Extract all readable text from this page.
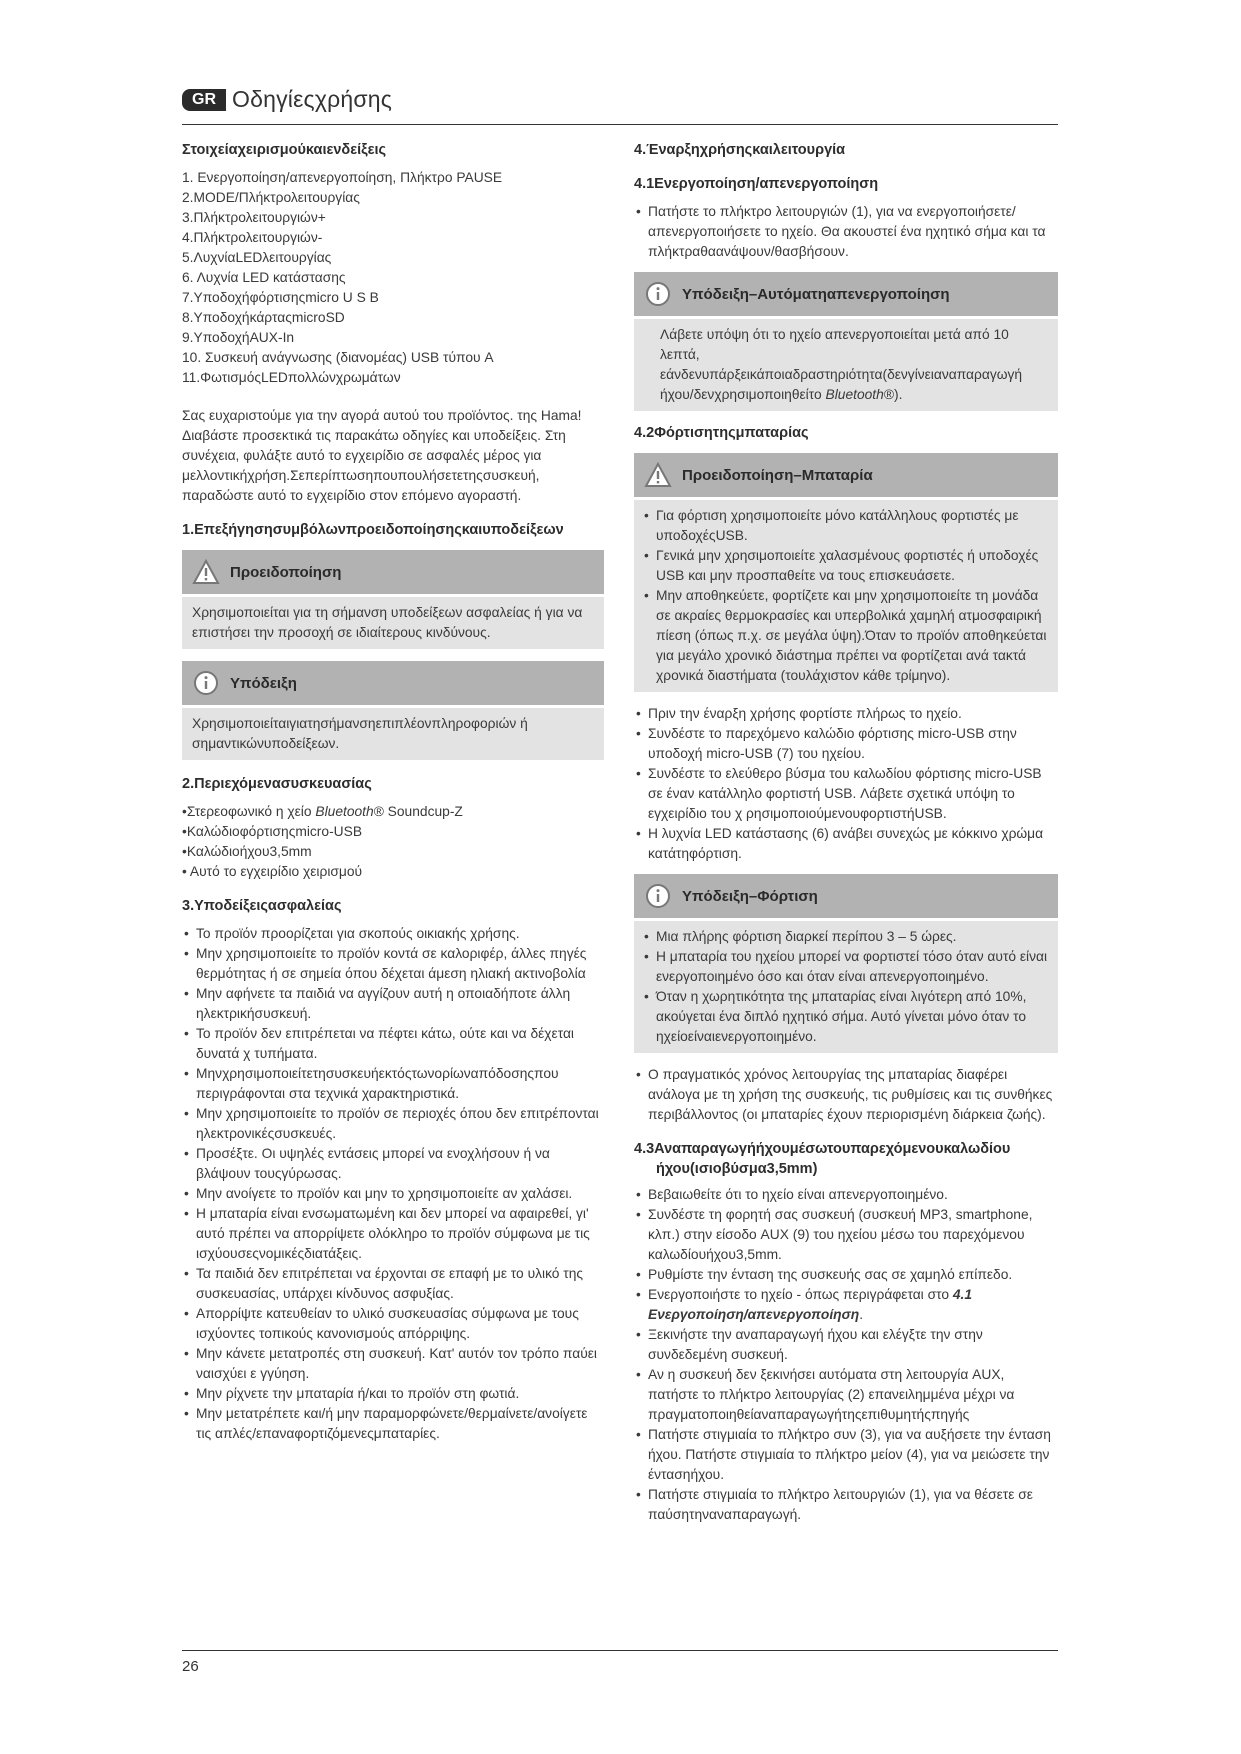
GR Οδηγίεςχρήσης
Στοιχείαχειρισμούκαιενδείξεις
1. Ενεργοποίηση/απενεργοποίηση, Πλήκτρο PAUSE
2.MODE/Πλήκτρολειτουργίας
3.Πλήκτρολειτουργιών+
4.Πλήκτρολειτουργιών-
5.ΛυχνίαLEDλειτουργίας
6. Λυχνία LED κατάστασης
7.Υποδοχήφόρτισηςmicro U S B
8.ΥποδοχήκάρταςmicroSD
9.ΥποδοχήAUX-In
10. Συσκευή ανάγνωσης (διανομέας) USB τύπου A
11.ΦωτισμόςLEDπολλώνχρωμάτων

Σας ευχαριστούμε για την αγορά αυτού του προϊόντος. της Hama! Διαβάστε προσεκτικά τις παρακάτω οδηγίες και υποδείξεις. Στη συνέχεια, φυλάξτε αυτό το εγχειρίδιο σε ασφαλές μέρος για μελλοντικήχρήση.Σεπερίπτωσηπουπουλήσετετηςσυσκευή, παραδώστε αυτό το εγχειρίδιο στον επόμενο αγοραστή.

1.Επεξήγησησυμβόλωνπροειδοποίησηςκαιυποδείξεων
Προειδοποίηση
Χρησιμοποιείται για τη σήμανση υποδείξεων ασφαλείας ή για να επιστήσει την προσοχή σε ιδιαίτερους κινδύνους.
Υπόδειξη
Χρησιμοποιείταιγιατησήμανσηεπιπλέονπληροφοριών ή σημαντικώνυποδείξεων.
2.Περιεχόμενασυσκευασίας
•Στερεοφωνικό η χείο Bluetooth® Soundcup-Z
•Καλώδιοφόρτισηςmicro-USB
•Καλώδιοήχου3,5mm
• Αυτό το εγχειρίδιο χειρισμού
3.Υποδείξειςασφαλείας
• Το προϊόν προορίζεται για σκοπούς οικιακής χρήσης.
• Μην χρησιμοποιείτε το προϊόν κοντά σε καλοριφέρ, άλλες πηγές θερμότητας ή σε σημεία όπου δέχεται άμεση ηλιακή ακτινοβολία
• Μην αφήνετε τα παιδιά να αγγίζουν αυτή η οποιαδήποτε άλλη ηλεκτρικήσυσκευή.
• Το προϊόν δεν επιτρέπεται να πέφτει κάτω, ούτε και να δέχεται δυνατά χ τυπήματα.
• Μηνχρησιμοποιείτετησυσκευήεκτόςτωνορίωναπόδοσηςπου περιγράφονται στα τεχνικά χαρακτηριστικά.
• Μην χρησιμοποιείτε το προϊόν σε περιοχές όπου δεν επιτρέπονται ηλεκτρονικέςσυσκευές.
• Προσέξτε. Οι υψηλές εντάσεις μπορεί να ενοχλήσουν ή να βλάψουν τουςγύρωσας.
• Μην ανοίγετε το προϊόν και μην το χρησιμοποιείτε αν χαλάσει.
• Η μπαταρία είναι ενσωματωμένη και δεν μπορεί να αφαιρεθεί, γι' αυτό πρέπει να απορρίψετε ολόκληρο το προϊόν σύμφωνα με τις ισχύουσεςνομικέςδιατάξεις.
• Τα παιδιά δεν επιτρέπεται να έρχονται σε επαφή με το υλικό της συσκευασίας, υπάρχει κίνδυνος ασφυξίας.
• Απορρίψτε κατευθείαν το υλικό συσκευασίας σύμφωνα με τους ισχύοντες τοπικούς κανονισμούς απόρριψης.
• Μην κάνετε μετατροπές στη συσκευή. Κατ' αυτόν τον τρόπο παύει ναισχύει ε γγύηση.
• Μην ρίχνετε την μπαταρία ή/και το προϊόν στη φωτιά.
• Μην μετατρέπετε και/ή μην παραμορφώνετε/θερμαίνετε/ανοίγετε τις απλές/επαναφορτιζόμενεςμπαταρίες.
4.Έναρξηχρήσηςκαιλειτουργία
4.1Ενεργοποίηση/απενεργοποίηση
• Πατήστε το πλήκτρο λειτουργιών (1), για να ενεργοποιήσετε/ απενεργοποιήσετε το ηχείο. Θα ακουστεί ένα ηχητικό σήμα και τα πλήκτραθαανάψουν/θασβήσουν.
Υπόδειξη–Αυτόματηαπενεργοποίηση
Λάβετε υπόψη ότι το ηχείο απενεργοποιείται μετά από 10 λεπτά, εάνδενυπάρξεικάποιαδραστηριότητα(δενγίνειαναπαραγωγή ήχου/δενχρησιμοποιηθείτο Bluetooth®).
4.2Φόρτισητηςμπαταρίας
Προειδοποίηση–Μπαταρία
• Για φόρτιση χρησιμοποιείτε μόνο κατάλληλους φορτιστές με υποδοχέςUSB.
• Γενικά μην χρησιμοποιείτε χαλασμένους φορτιστές ή υποδοχές USB και μην προσπαθείτε να τους επισκευάσετε.
• Μην αποθηκεύετε, φορτίζετε και μην χρησιμοποιείτε τη μονάδα σε ακραίες θερμοκρασίες και υπερβολικά χαμηλή ατμοσφαιρική πίεση (όπως π.χ. σε μεγάλα ύψη).Όταν το προϊόν αποθηκεύεται για μεγάλο χρονικό διάστημα πρέπει να φορτίζεται ανά τακτά χρονικά διαστήματα (τουλάχιστον κάθε τρίμηνο).
• Πριν την έναρξη χρήσης φορτίστε πλήρως το ηχείο.
• Συνδέστε το παρεχόμενο καλώδιο φόρτισης micro-USB στην υποδοχή micro-USB (7) του ηχείου.
• Συνδέστε το ελεύθερο βύσμα του καλωδίου φόρτισης micro-USB σε έναν κατάλληλο φορτιστή USB. Λάβετε σχετικά υπόψη το εγχειρίδιο του χ ρησιμοποιούμενουφορτιστήUSB.
• Η λυχνία LED κατάστασης (6) ανάβει συνεχώς με κόκκινο χρώμα κατάτηφόρτιση.
Υπόδειξη–Φόρτιση
• Μια πλήρης φόρτιση διαρκεί περίπου 3 – 5 ώρες.
• Η μπαταρία του ηχείου μπορεί να φορτιστεί τόσο όταν αυτό είναι ενεργοποιημένο όσο και όταν είναι απενεργοποιημένο.
• Όταν η χωρητικότητα της μπαταρίας είναι λιγότερη από 10%, ακούγεται ένα διπλό ηχητικό σήμα. Αυτό γίνεται μόνο όταν το ηχείοείναιενεργοποιημένο.
• Ο πραγματικός χρόνος λειτουργίας της μπαταρίας διαφέρει ανάλογα με τη χρήση της συσκευής, τις ρυθμίσεις και τις συνθήκες περιβάλλοντος (οι μπαταρίες έχουν περιορισμένη διάρκεια ζωής).
4.3Αναπαραγωγήήχουμέσωτουπαρεχόμενουκαλωδίου
ήχου(ισιοβύσμα3,5mm)
• Βεβαιωθείτε ότι το ηχείο είναι απενεργοποιημένο.
• Συνδέστε τη φορητή σας συσκευή (συσκευή MP3, smartphone, κλπ.) στην είσοδο AUX (9) του ηχείου μέσω του παρεχόμενου καλωδίουήχου3,5mm.
• Ρυθμίστε την ένταση της συσκευής σας σε χαμηλό επίπεδο.
• Ενεργοποιήστε το ηχείο - όπως περιγράφεται στο 4.1
Ενεργοποίηση/απενεργοποίηση.
• Ξεκινήστε την αναπαραγωγή ήχου και ελέγξτε την στην συνδεδεμένη συσκευή.
• Αν η συσκευή δεν ξεκινήσει αυτόματα στη λειτουργία AUX, πατήστε το πλήκτρο λειτουργίας (2) επανειλημμένα μέχρι να πραγματοποιηθείαναπαραγωγήτηςεπιθυμητήςπηγής
• Πατήστε στιγμιαία το πλήκτρο συν (3), για να αυξήσετε την ένταση ήχου. Πατήστε στιγμιαία το πλήκτρο μείον (4), για να μειώσετε την έντασηήχου.
• Πατήστε στιγμιαία το πλήκτρο λειτουργιών (1), για να θέσετε σε παύσητηναναπαραγωγή.
26
